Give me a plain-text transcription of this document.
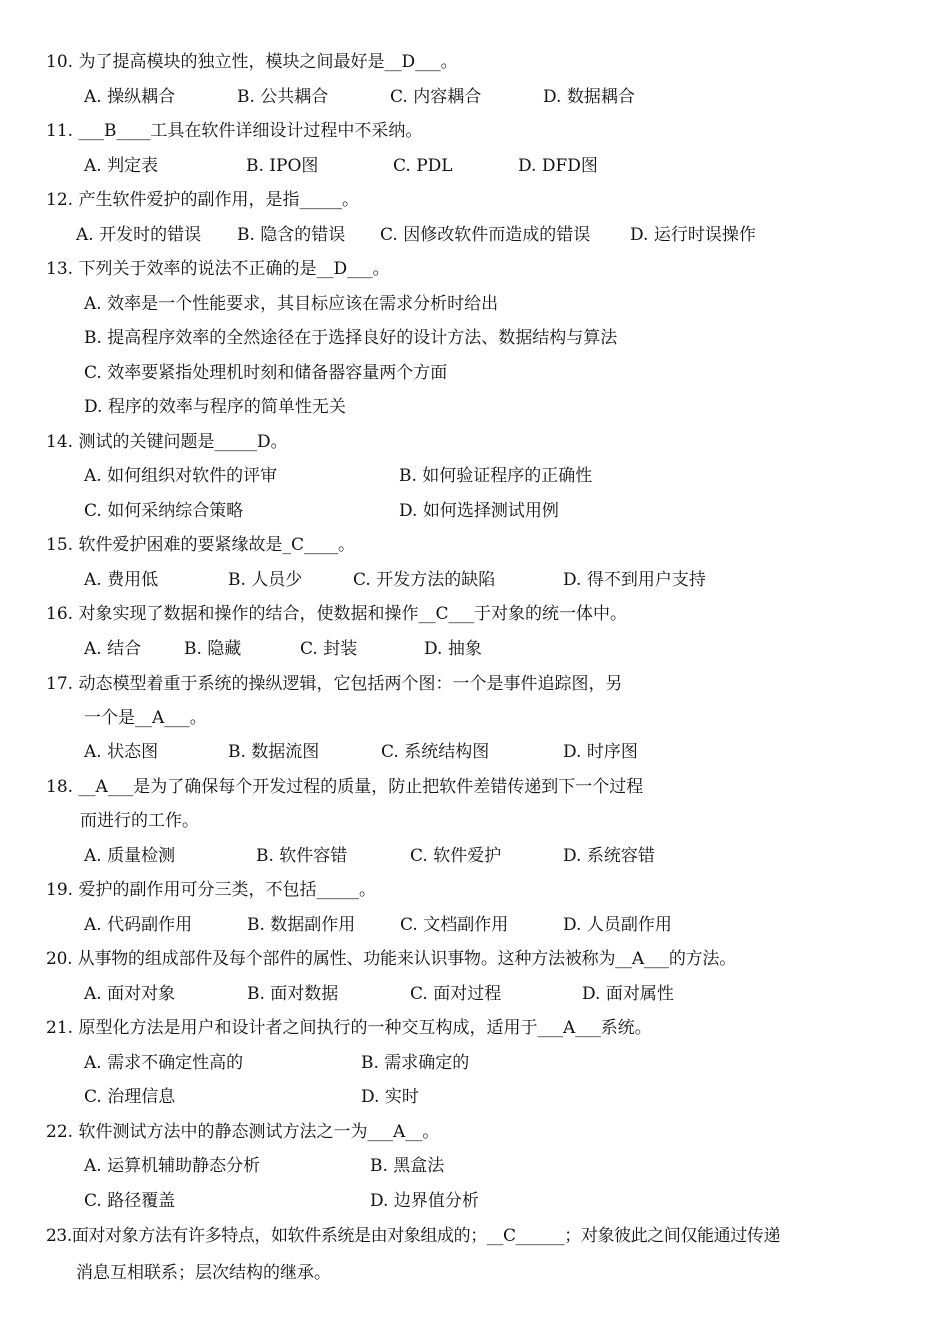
10. 为了提高模块的独立性，模块之间最好是__D___。
A. 操纵耦合	B. 公共耦合	C. 内容耦合	D. 数据耦合
11. ___B____工具在软件详细设计过程中不采纳。
A. 判定表	B. IPO图	C. PDL	D. DFD图
12. 产生软件爱护的副作用，是指_____。
A. 开发时的错误 B. 隐含的错误 C. 因修改软件而造成的错误 D. 运行时误操作
13. 下列关于效率的说法不正确的是__D___。
A. 效率是一个性能要求，其目标应该在需求分析时给出
B. 提高程序效率的全然途径在于选择良好的设计方法、数据结构与算法
C. 效率要紧指处理机时刻和储备器容量两个方面
D. 程序的效率与程序的简单性无关
14. 测试的关键问题是_____D。
A. 如何组织对软件的评审	B. 如何验证程序的正确性
C. 如何采纳综合策略	D. 如何选择测试用例
15. 软件爱护困难的要紧缘故是_C____。
A. 费用低	B. 人员少	C. 开发方法的缺陷	D. 得不到用户支持
16. 对象实现了数据和操作的结合，使数据和操作__C___于对象的统一体中。
A. 结合	B. 隐藏	C. 封装	D. 抽象
17. 动态模型着重于系统的操纵逻辑，它包括两个图：一个是事件追踪图，另
一个是__A___。
A. 状态图	B. 数据流图	C. 系统结构图	D. 时序图
18. __A___是为了确保每个开发过程的质量，防止把软件差错传递到下一个过程
而进行的工作。
A. 质量检测	B. 软件容错	C. 软件爱护	D. 系统容错
19. 爱护的副作用可分三类，不包括_____。
A. 代码副作用	B. 数据副作用	C. 文档副作用	D. 人员副作用
20. 从事物的组成部件及每个部件的属性、功能来认识事物。这种方法被称为__A___的方法。
A. 面对对象	B. 面对数据	C. 面对过程	D. 面对属性
21. 原型化方法是用户和设计者之间执行的一种交互构成，适用于___A___系统。
A. 需求不确定性高的	B. 需求确定的
C. 治理信息	D. 实时
22. 软件测试方法中的静态测试方法之一为___A__。
A. 运算机辅助静态分析	B. 黑盒法
C. 路径覆盖	D. 边界值分析
23.面对对象方法有许多特点，如软件系统是由对象组成的；__C______；对象彼此之间仅能通过传递
消息互相联系；层次结构的继承。
